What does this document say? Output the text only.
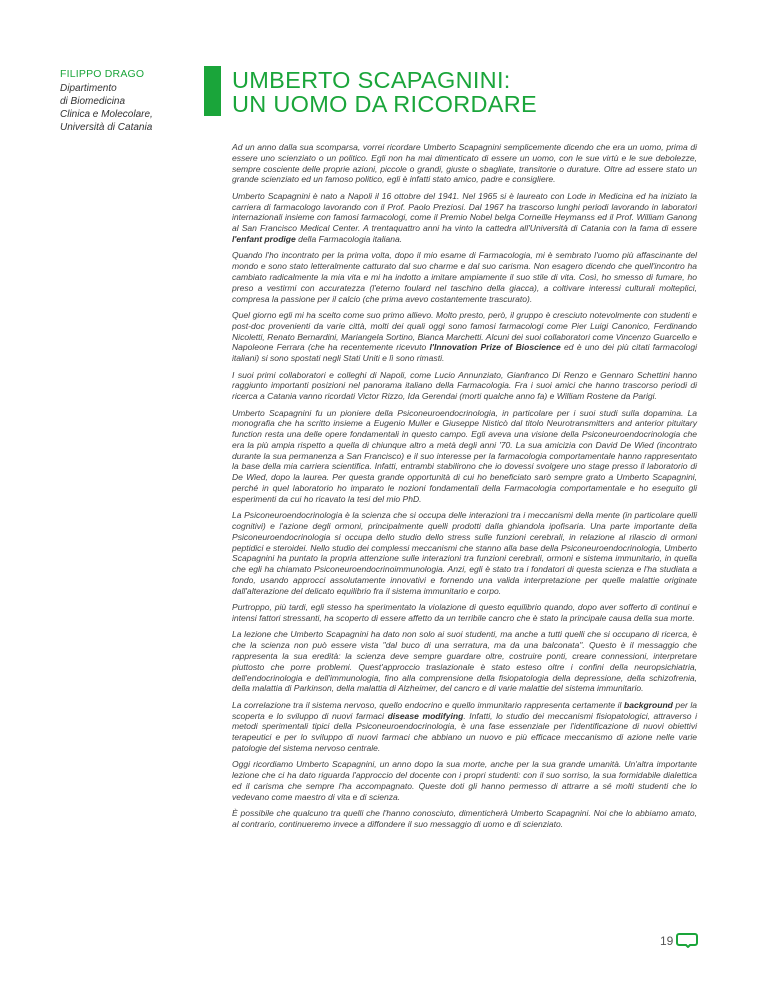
FILIPPO DRAGO
Dipartimento
di Biomedicina
Clinica e Molecolare,
Università di Catania
UMBERTO SCAPAGNINI:
UN UOMO DA RICORDARE

Ad un anno dalla sua scomparsa, vorrei ricordare Umberto Scapagnini semplicemente dicendo che era un uomo, prima di essere uno scienziato o un politico. Egli non ha mai dimenticato di essere un uomo, con le sue virtù e le sue debolezze, sempre cosciente delle proprie azioni, piccole o grandi, giuste o sbagliate, transitorie o durature. Oltre ad essere stato un grande scienziato ed un famoso politico, egli è infatti stato amico, padre e consigliere.

Umberto Scapagnini è nato a Napoli il 16 ottobre del 1941. Nel 1965 si è laureato con Lode in Medicina ed ha iniziato la carriera di farmacologo lavorando con il Prof. Paolo Preziosi. Dal 1967 ha trascorso lunghi periodi lavorando in laboratori internazionali insieme con famosi farmacologi, come il Premio Nobel belga Corneille Heymanss ed il Prof. William Ganong al San Francisco Medical Center. A trentaquattro anni ha vinto la cattedra all'Università di Catania con la fama di essere l'enfant prodige della Farmacologia italiana.

Quando l'ho incontrato per la prima volta, dopo il mio esame di Farmacologia, mi è sembrato l'uomo più affascinante del mondo e sono stato letteralmente catturato dal suo charme e dal suo carisma. Non esagero dicendo che quell'incontro ha cambiato radicalmente la mia vita e mi ha indotto a imitare ampiamente il suo stile di vita. Così, ho smesso di fumare, ho preso a vestirmi con accuratezza (l'eterno foulard nel taschino della giacca), a coltivare interessi culturali molteplici, compresa la passione per il calcio (che prima avevo costantemente trascurato).

Quel giorno egli mi ha scelto come suo primo allievo. Molto presto, però, il gruppo è cresciuto notevolmente con studenti e post-doc provenienti da varie città, molti dei quali oggi sono famosi farmacologi come Pier Luigi Canonico, Ferdinando Nicoletti, Renato Bernardini, Mariangela Sortino, Bianca Marchetti. Alcuni dei suoi collaboratori come Vincenzo Guarcello e Napoleone Ferrara (che ha recentemente ricevuto l'Innovation Prize of Bioscience ed è uno dei più citati farmacologi italiani) si sono spostati negli Stati Uniti e lì sono rimasti.

I suoi primi collaboratori e colleghi di Napoli, come Lucio Annunziato, Gianfranco Di Renzo e Gennaro Schettini hanno raggiunto importanti posizioni nel panorama italiano della Farmacologia. Fra i suoi amici che hanno trascorso periodi di ricerca a Catania vanno ricordati Victor Rizzo, Ida Gerendai (morti qualche anno fa) e William Rostene da Parigi.

Umberto Scapagnini fu un pioniere della Psiconeuroendocrinologia, in particolare per i suoi studi sulla dopamina. La monografia che ha scritto insieme a Eugenio Muller e Giuseppe Nisticò dal titolo Neurotransmitters and anterior pituitary function resta una delle opere fondamentali in questo campo. Egli aveva una visione della Psiconeuroendocrinologia che era la più ampia rispetto a quella di chiunque altro a metà degli anni '70. La sua amicizia con David De Wied (incontrato durante la sua permanenza a San Francisco) e il suo interesse per la farmacologia comportamentale hanno rappresentato la base della mia carriera scientifica. Infatti, entrambi stabilirono che io dovessi svolgere uno stage presso il laboratorio di De Wied, dopo la laurea. Per questa grande opportunità di cui ho beneficiato sarò sempre grato a Umberto Scapagnini, perché in quel laboratorio ho imparato le nozioni fondamentali della Farmacologia comportamentale e ho eseguito gli esperimenti da cui ho ricavato la tesi del mio PhD.

La Psiconeuroendocrinologia è la scienza che si occupa delle interazioni tra i meccanismi della mente (in particolare quelli cognitivi) e l'azione degli ormoni, principalmente quelli prodotti dalla ghiandola ipofisaria. Una parte importante della Psiconeuroendocrinologia si occupa dello studio dello stress sulle funzioni cerebrali, in relazione al rilascio di ormoni peptidici e steroidei. Nello studio dei complessi meccanismi che stanno alla base della Psiconeuroendocrinologia, Umberto Scapagnini ha puntato la propria attenzione sulle interazioni tra funzioni cerebrali, ormoni e sistema immunitario, in quella che egli ha chiamato Psiconeuroendocrinoimmunologia. Anzi, egli è stato tra i fondatori di questa scienza e l'ha studiata a fondo, usando approcci assolutamente innovativi e fornendo una valida interpretazione per quelle malattie originate dall'alterazione del delicato equilibrio fra il sistema immunitario e corpo.

Purtroppo, più tardi, egli stesso ha sperimentato la violazione di questo equilibrio quando, dopo aver sofferto di continui e intensi fattori stressanti, ha scoperto di essere affetto da un terribile cancro che è stato la principale causa della sua morte.

La lezione che Umberto Scapagnini ha dato non solo ai suoi studenti, ma anche a tutti quelli che si occupano di ricerca, è che la scienza non può essere vista "dal buco di una serratura, ma da una balconata". Questo è il messaggio che rappresenta la sua eredità: la scienza deve sempre guardare oltre, costruire ponti, creare connessioni, interpretare piuttosto che porre problemi. Quest'approccio traslazionale è stato esteso oltre i confini della neuropsichiatria, dell'endocrinologia e dell'immunologia, fino alla comprensione della fisiopatologia della depressione, della schizofrenia, della malattia di Parkinson, della malattia di Alzheimer, del cancro e di varie malattie del sistema immunitario.

La correlazione tra il sistema nervoso, quello endocrino e quello immunitario rappresenta certamente il background per la scoperta e lo sviluppo di nuovi farmaci disease modifying. Infatti, lo studio dei meccanismi fisiopatologici, attraverso i metodi sperimentali tipici della Psiconeuroendocrinologia, è una fase essenziale per l'identificazione di nuovi obiettivi terapeutici e per lo sviluppo di nuovi farmaci che abbiano un nuovo e più efficace meccanismo di azione nelle varie patologie del sistema nervoso centrale.

Oggi ricordiamo Umberto Scapagnini, un anno dopo la sua morte, anche per la sua grande umanità. Un'altra importante lezione che ci ha dato riguarda l'approccio del docente con i propri studenti: con il suo sorriso, la sua formidabile dialettica ed il carisma che sempre l'ha accompagnato. Queste doti gli hanno permesso di attrarre a sé molti studenti che lo vedevano come maestro di vita e di scienza.

È possibile che qualcuno tra quelli che l'hanno conosciuto, dimenticherà Umberto Scapagnini. Noi che lo abbiamo amato, al contrario, continueremo invece a diffondere il suo messaggio di uomo e di scienziato.

19
